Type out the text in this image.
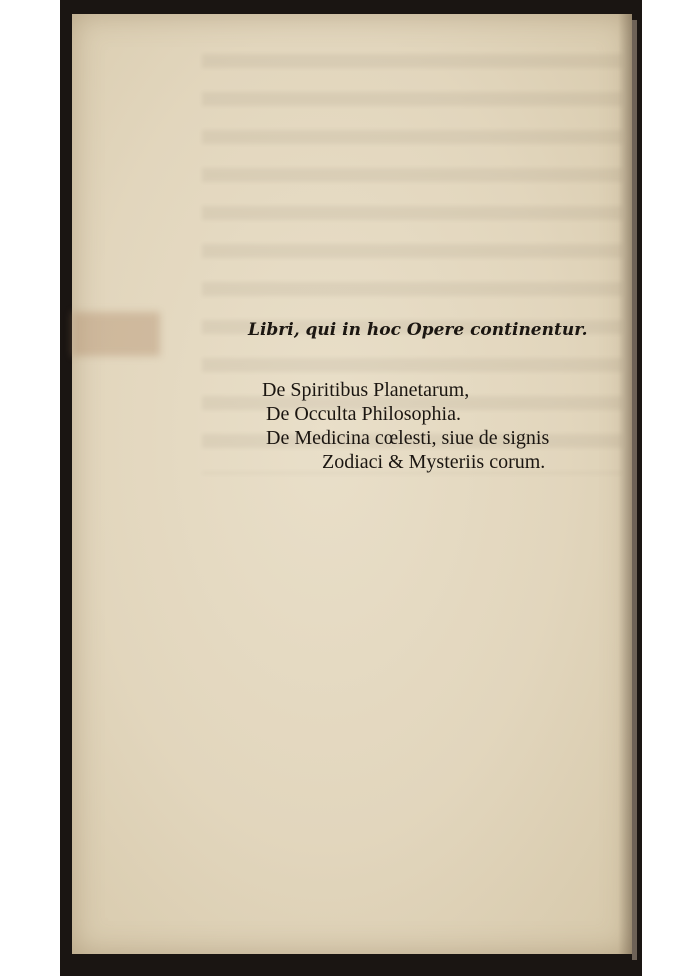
Libri, qui in hoc Opere continentur.
De Spiritibus Planetarum,
De Occulta Philosophia.
De Medicina cœlesti, siue de signis
Zodiaci & Mysteriis corum.
